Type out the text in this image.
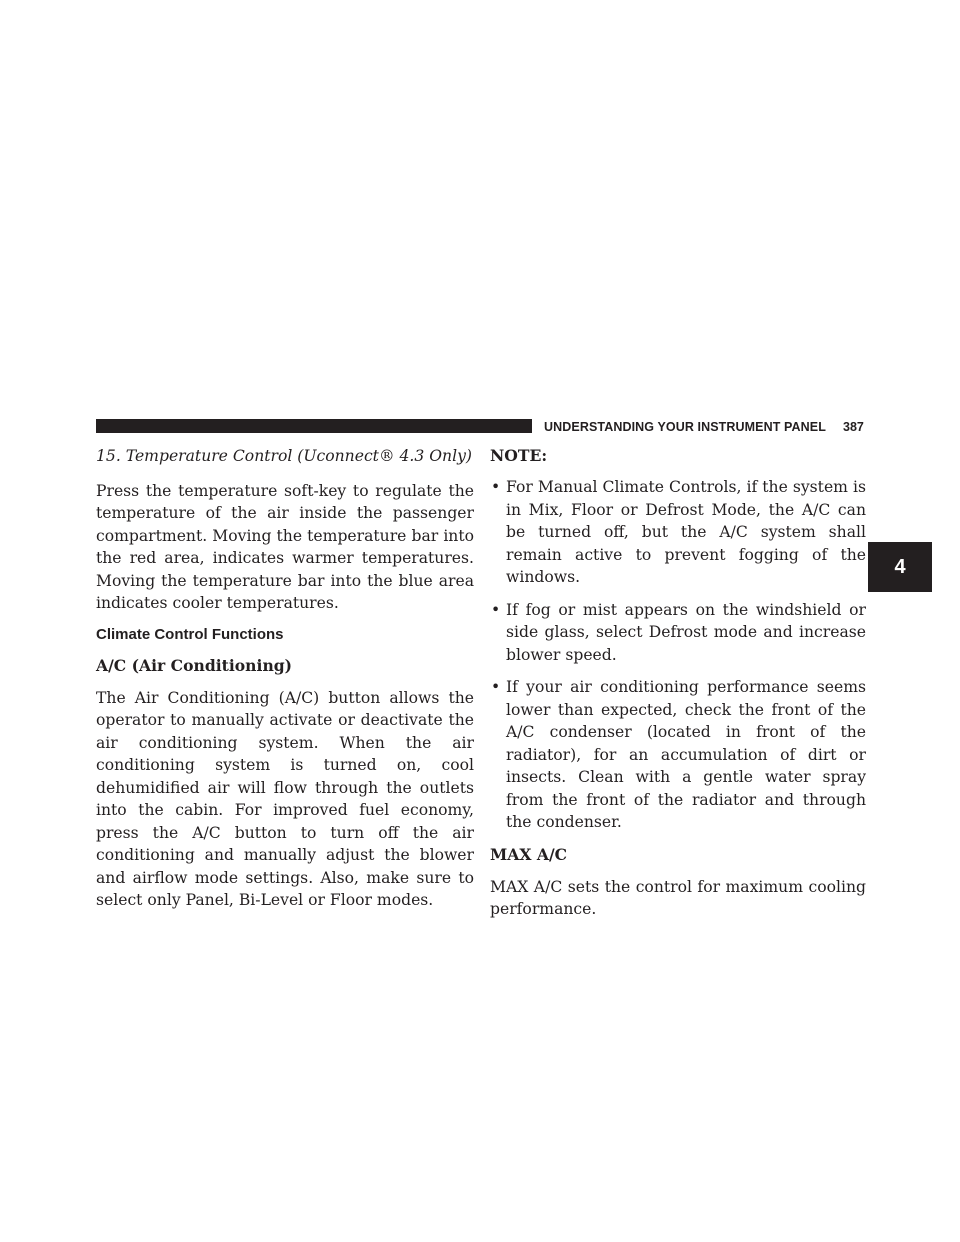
UNDERSTANDING YOUR INSTRUMENT PANEL 387
4

15. Temperature Control (Uconnect® 4.3 Only)

Press the temperature soft-key to regulate the temperature of the air inside the passenger compartment. Moving the temperature bar into the red area, indicates warmer temperatures. Moving the temperature bar into the blue area indicates cooler temperatures.

Climate Control Functions
A/C (Air Conditioning)

The Air Conditioning (A/C) button allows the operator to manually activate or deactivate the air conditioning system. When the air conditioning system is turned on, cool dehumidified air will flow through the outlets into the cabin. For improved fuel economy, press the A/C button to turn off the air conditioning and manually adjust the blower and airflow mode settings. Also, make sure to select only Panel, Bi-Level or Floor modes.

NOTE:
• For Manual Climate Controls, if the system is in Mix, Floor or Defrost Mode, the A/C can be turned off, but the A/C system shall remain active to prevent fogging of the windows.

• If fog or mist appears on the windshield or side glass, select Defrost mode and increase blower speed.

• If your air conditioning performance seems lower than expected, check the front of the A/C condenser (located in front of the radiator), for an accumulation of dirt or insects. Clean with a gentle water spray from the front of the radiator and through the condenser.

MAX A/C

MAX A/C sets the control for maximum cooling performance.
